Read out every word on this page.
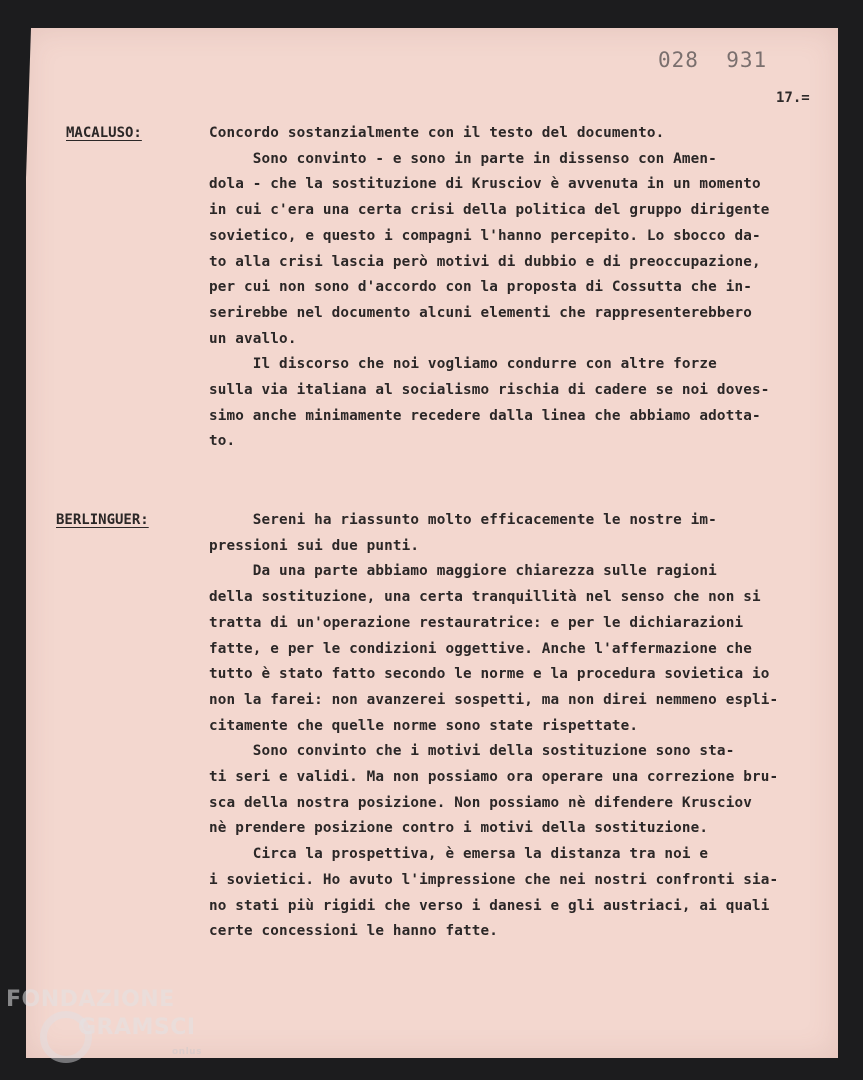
028  931
17.=
MACALUSO:
BERLINGUER:
Concordo sostanzialmente con il testo del documento.
Sono convinto - e sono in parte in dissenso con Amen-
dola - che la sostituzione di Krusciov è avvenuta in un momento
in cui c'era una certa crisi della politica del gruppo dirigente
sovietico, e questo i compagni l'hanno percepito. Lo sbocco da-
to alla crisi lascia però motivi di dubbio e di preoccupazione,
per cui non sono d'accordo con la proposta di Cossutta che in-
serirebbe nel documento alcuni elementi che rappresenterebbero
un avallo.
Il discorso che noi vogliamo condurre con altre forze
sulla via italiana al socialismo rischia di cadere se noi doves-
simo anche minimamente recedere dalla linea che abbiamo adotta-
to.
Sereni ha riassunto molto efficacemente le nostre im-
pressioni sui due punti.
Da una parte abbiamo maggiore chiarezza sulle ragioni
della sostituzione, una certa tranquillità nel senso che non si
tratta di un'operazione restauratrice: e per le dichiarazioni
fatte, e per le condizioni oggettive. Anche l'affermazione che
tutto è stato fatto secondo le norme e la procedura sovietica io
non la farei: non avanzerei sospetti, ma non direi nemmeno espli-
citamente che quelle norme sono state rispettate.
Sono convinto che i motivi della sostituzione sono sta-
ti seri e validi. Ma non possiamo ora operare una correzione bru-
sca della nostra posizione. Non possiamo nè difendere Krusciov
nè prendere posizione contro i motivi della sostituzione.
Circa la prospettiva, è emersa la distanza tra noi e
i sovietici. Ho avuto l'impressione che nei nostri confronti sia-
no stati più rigidi che verso i danesi e gli austriaci, ai quali
certe concessioni le hanno fatte.
FONDAZIONE
GRAMSCI
onlus
